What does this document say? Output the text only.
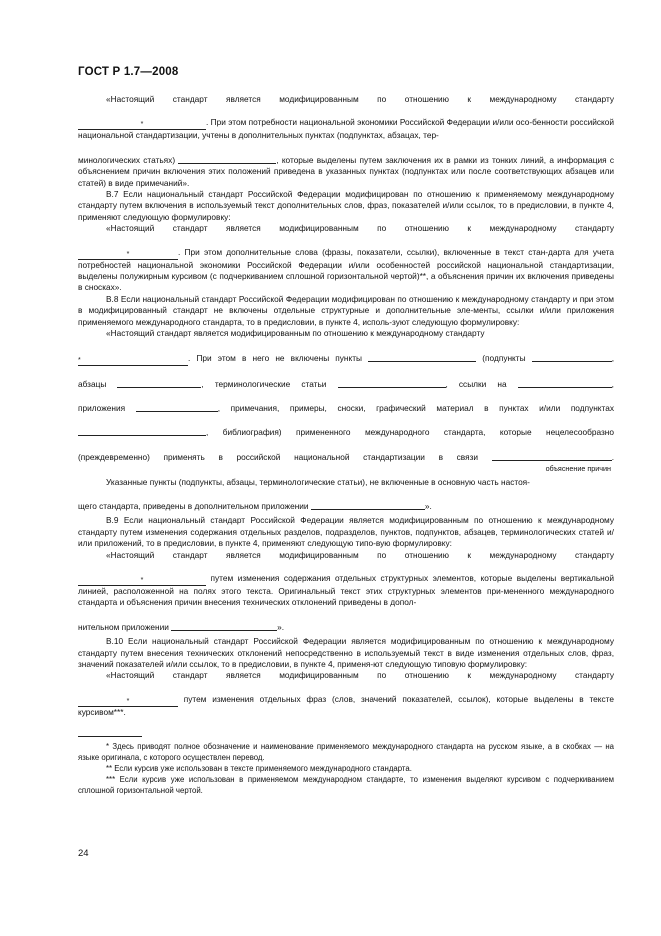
ГОСТ Р 1.7—2008

«Настоящий стандарт является модифицированным по отношению к международному стандарту

*	. При этом потребности национальной экономики Российской Федерации и/или осо-бенности российской национальной стандартизации, учтены в дополнительных пунктах (подпунктах, абзацах, тер-

минологических статьях)	, которые выделены путем заключения их в рамки из тонких линий, а информация с объяснением причин включения этих положений приведена в указанных пунктах (подпунктах или после соответствующих абзацев или статей) в виде примечаний».

В.7 Если национальный стандарт Российской Федерации модифицирован по отношению к применяемому международному стандарту путем включения в используемый текст дополнительных слов, фраз, показателей и/или ссылок, то в предисловии, в пункте 4, применяют следующую формулировку:

«Настоящий стандарт является модифицированным по отношению к международному стандарту

*	. При этом дополнительные слова (фразы, показатели, ссылки), включенные в текст стан-дарта для учета потребностей национальной экономики Российской Федерации и/или особенностей российской национальной стандартизации, выделены полужирным курсивом (с подчеркиванием сплошной горизонтальной чертой)**, а объяснения причин их включения приведены в сносках».

В.8 Если национальный стандарт Российской Федерации модифицирован по отношению к международному стандарту и при этом в модифицированный стандарт не включены отдельные структурные и дополнительные эле-менты, ссылки и/или приложения применяемого международного стандарта, то в предисловии, в пункте 4, исполь-зуют следующую формулировку:

«Настоящий стандарт является модифицированным по отношению к международному стандарту

*	. При этом в него не включены пункты	(подпункты	,

абзацы	, терминологические статьи	, ссылки на	,

приложения	, примечания, примеры, сноски, графический материал в пунктах и/или подпунктах

, библиография) примененного международного стандарта, которые нецелесообразно

(преждевременно) применять в российской национальной стандартизации в связи	.

объяснение причин

Указанные пункты (подпункты, абзацы, терминологические статьи), не включенные в основную часть настоя-

щего стандарта, приведены в дополнительном приложении	».

В.9 Если национальный стандарт Российской Федерации является модифицированным по отношению к международному стандарту путем изменения содержания отдельных разделов, подразделов, пунктов, подпунктов, абзацев, терминологических статей и/или приложений, то в предисловии, в пункте 4, применяют следующую типо-вую формулировку:

«Настоящий стандарт является модифицированным по отношению к международному стандарту

*	путем изменения содержания отдельных структурных элементов, которые выделены вертикальной линией, расположенной на полях этого текста. Оригинальный текст этих структурных элементов при-мененного международного стандарта и объяснения причин внесения технических отклонений приведены в допол-

нительном приложении	».

В.10 Если национальный стандарт Российской Федерации является модифицированным по отношению к международному стандарту путем внесения технических отклонений непосредственно в используемый текст в виде изменения отдельных слов, фраз, значений показателей и/или ссылок, то в предисловии, в пункте 4, применя-ют следующую типовую формулировку:

«Настоящий стандарт является модифицированным по отношению к международному стандарту

*	путем изменения отдельных фраз (слов, значений показателей, ссылок), которые выделены в тексте курсивом***.

* Здесь приводят полное обозначение и наименование применяемого международного стандарта на русском языке, а в скобках — на языке оригинала, с которого осуществлен перевод.

** Если курсив уже использован в тексте применяемого международного стандарта.

*** Если курсив уже использован в применяемом международном стандарте, то изменения выделяют курсивом с подчеркиванием сплошной горизонтальной чертой.

24
